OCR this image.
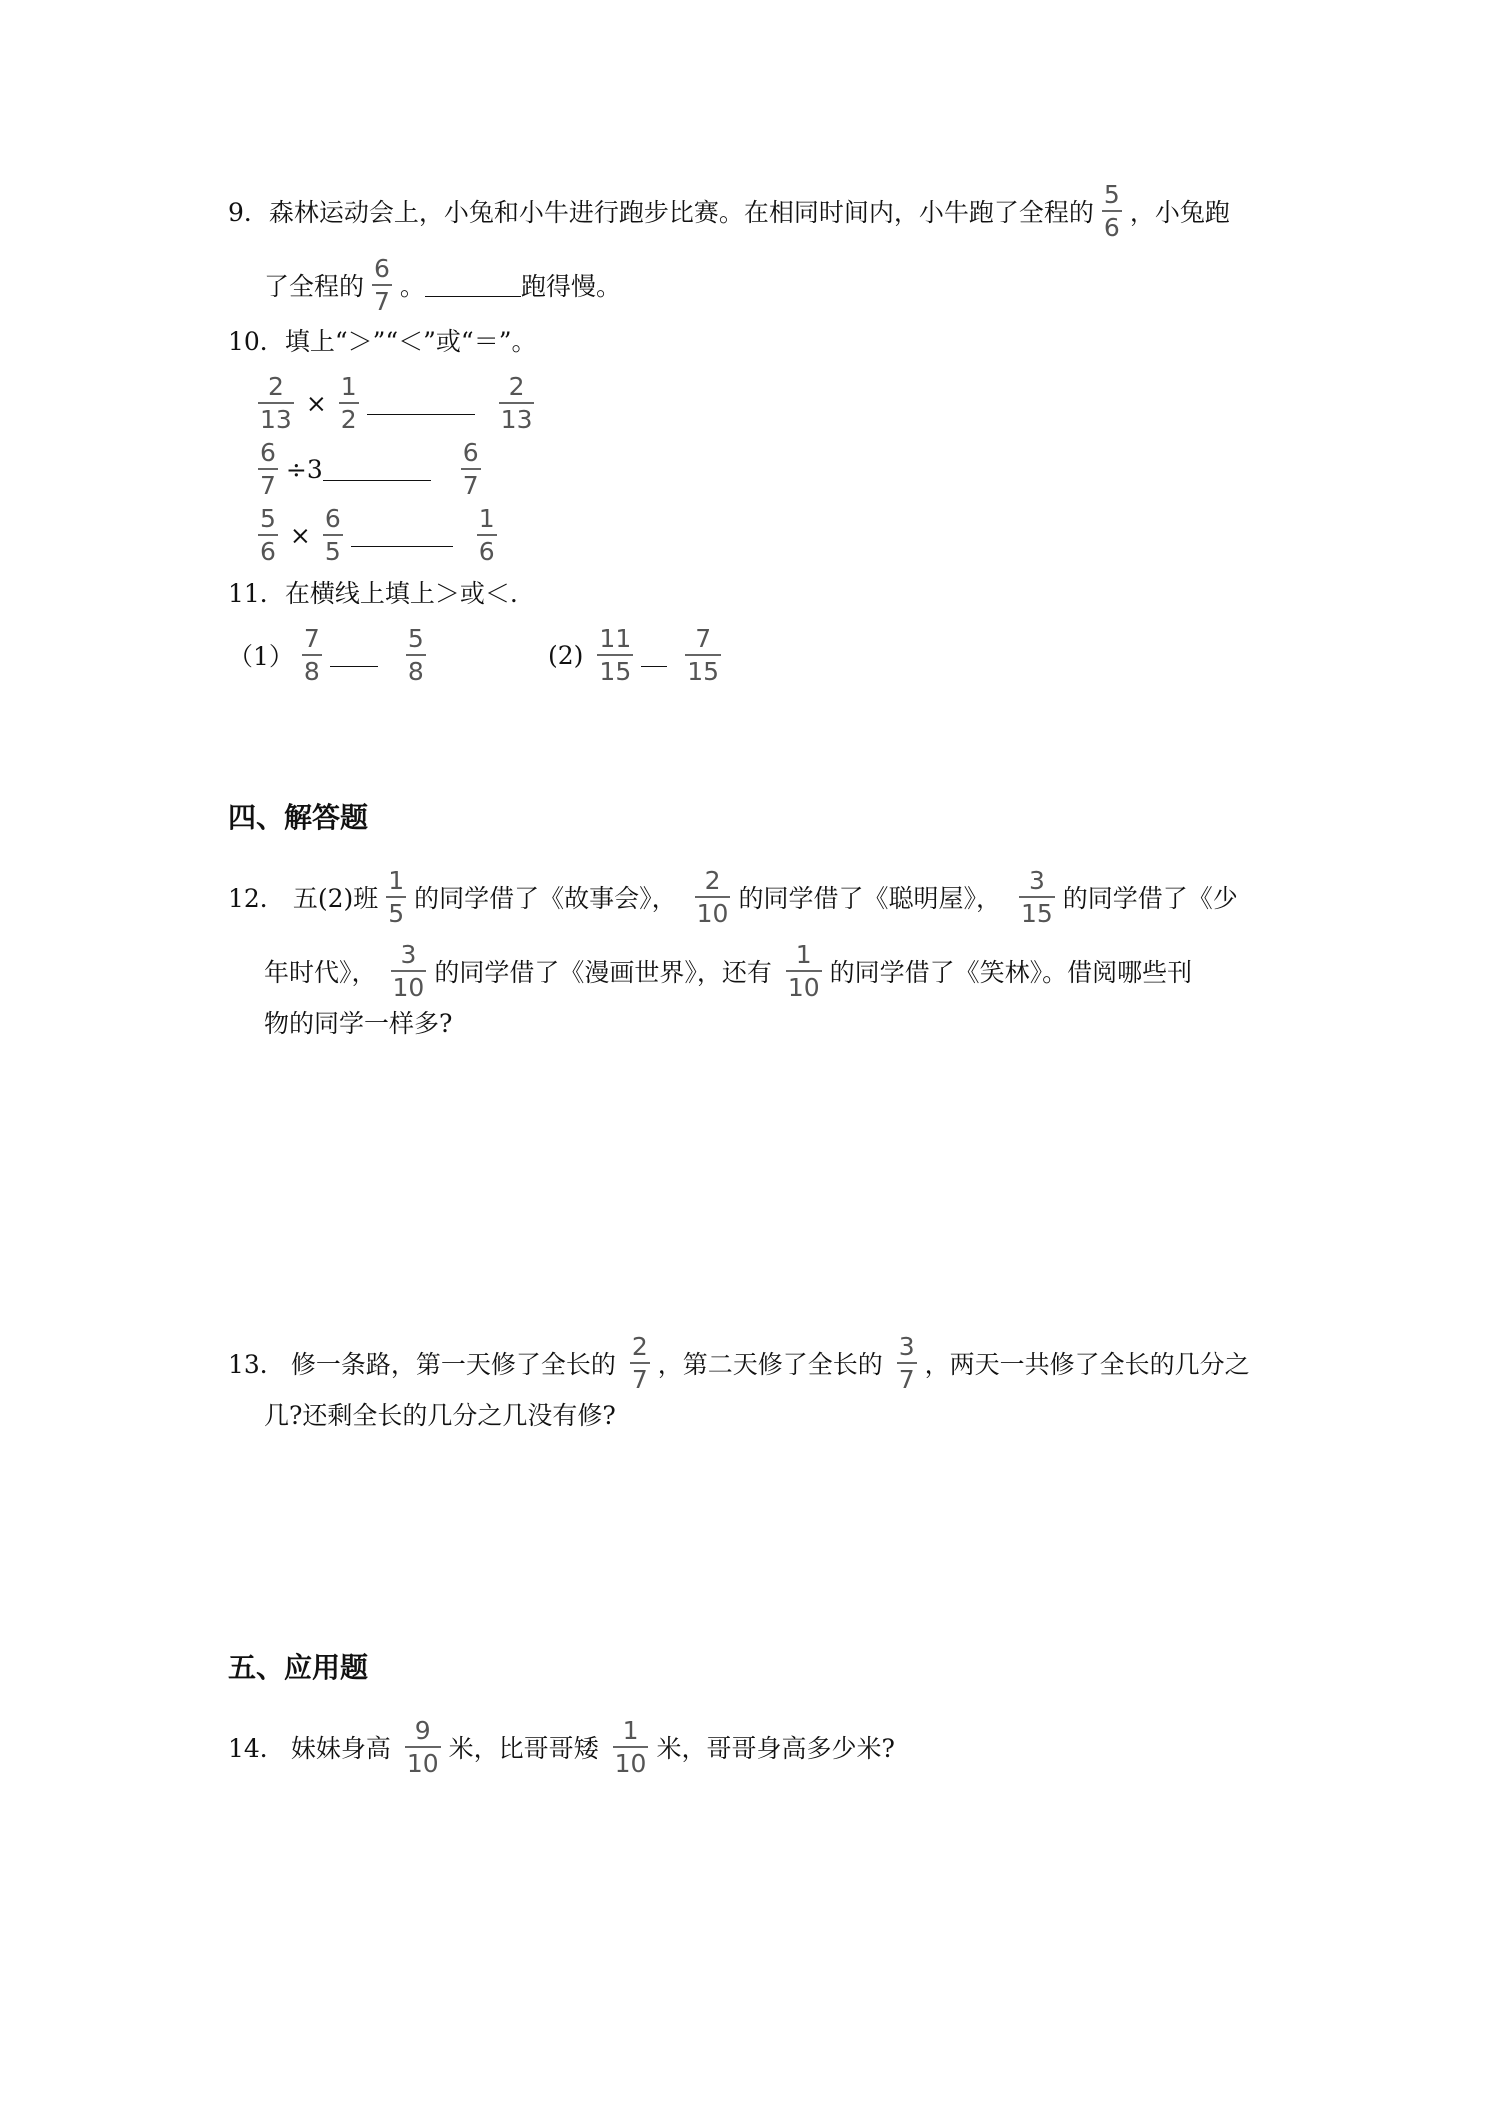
9． 森林运动会上，小兔和小牛进行跑步比赛。在相同时间内，小牛跑了全程的 $\frac{5}{6}$ ，小兔跑
了全程的 $\frac{6}{7}$ 。	跑得慢。
10． 填上“＞”“＜”或“＝”。
$\frac{2}{13} \times \frac{1}{2}$	$\frac{2}{13}$
$\frac{6}{7} \div 3$	$\frac{6}{7}$
$\frac{5}{6} \times \frac{6}{5}$	$\frac{1}{6}$
11． 在横线上填上＞或＜.
$(1) \frac{7}{8}$	$\frac{5}{8}$	$(2) \frac{11}{15} \frac{7}{15}$
四、解答题
12． 五(2)班 $\frac{1}{5}$ 的同学借了《故事会》， $\frac{2}{10}$ 的同学借了《聪明屋》， $\frac{3}{15}$ 的同学借了《少
年时代》， $\frac{3}{10}$ 的同学借了《漫画世界》，还有 $\frac{1}{10}$ 的同学借了《笑林》。借阅哪些刊
物的同学一样多?
13． 修一条路，第一天修了全长的 $\frac{2}{7}$ ，第二天修了全长的 $\frac{3}{7}$ ，两天一共修了全长的几分之
几?还剩全长的几分之几没有修?
五、应用题
14． 妹妹身高 $\frac{9}{10}$ 米，比哥哥矮 $\frac{1}{10}$ 米，哥哥身高多少米?
